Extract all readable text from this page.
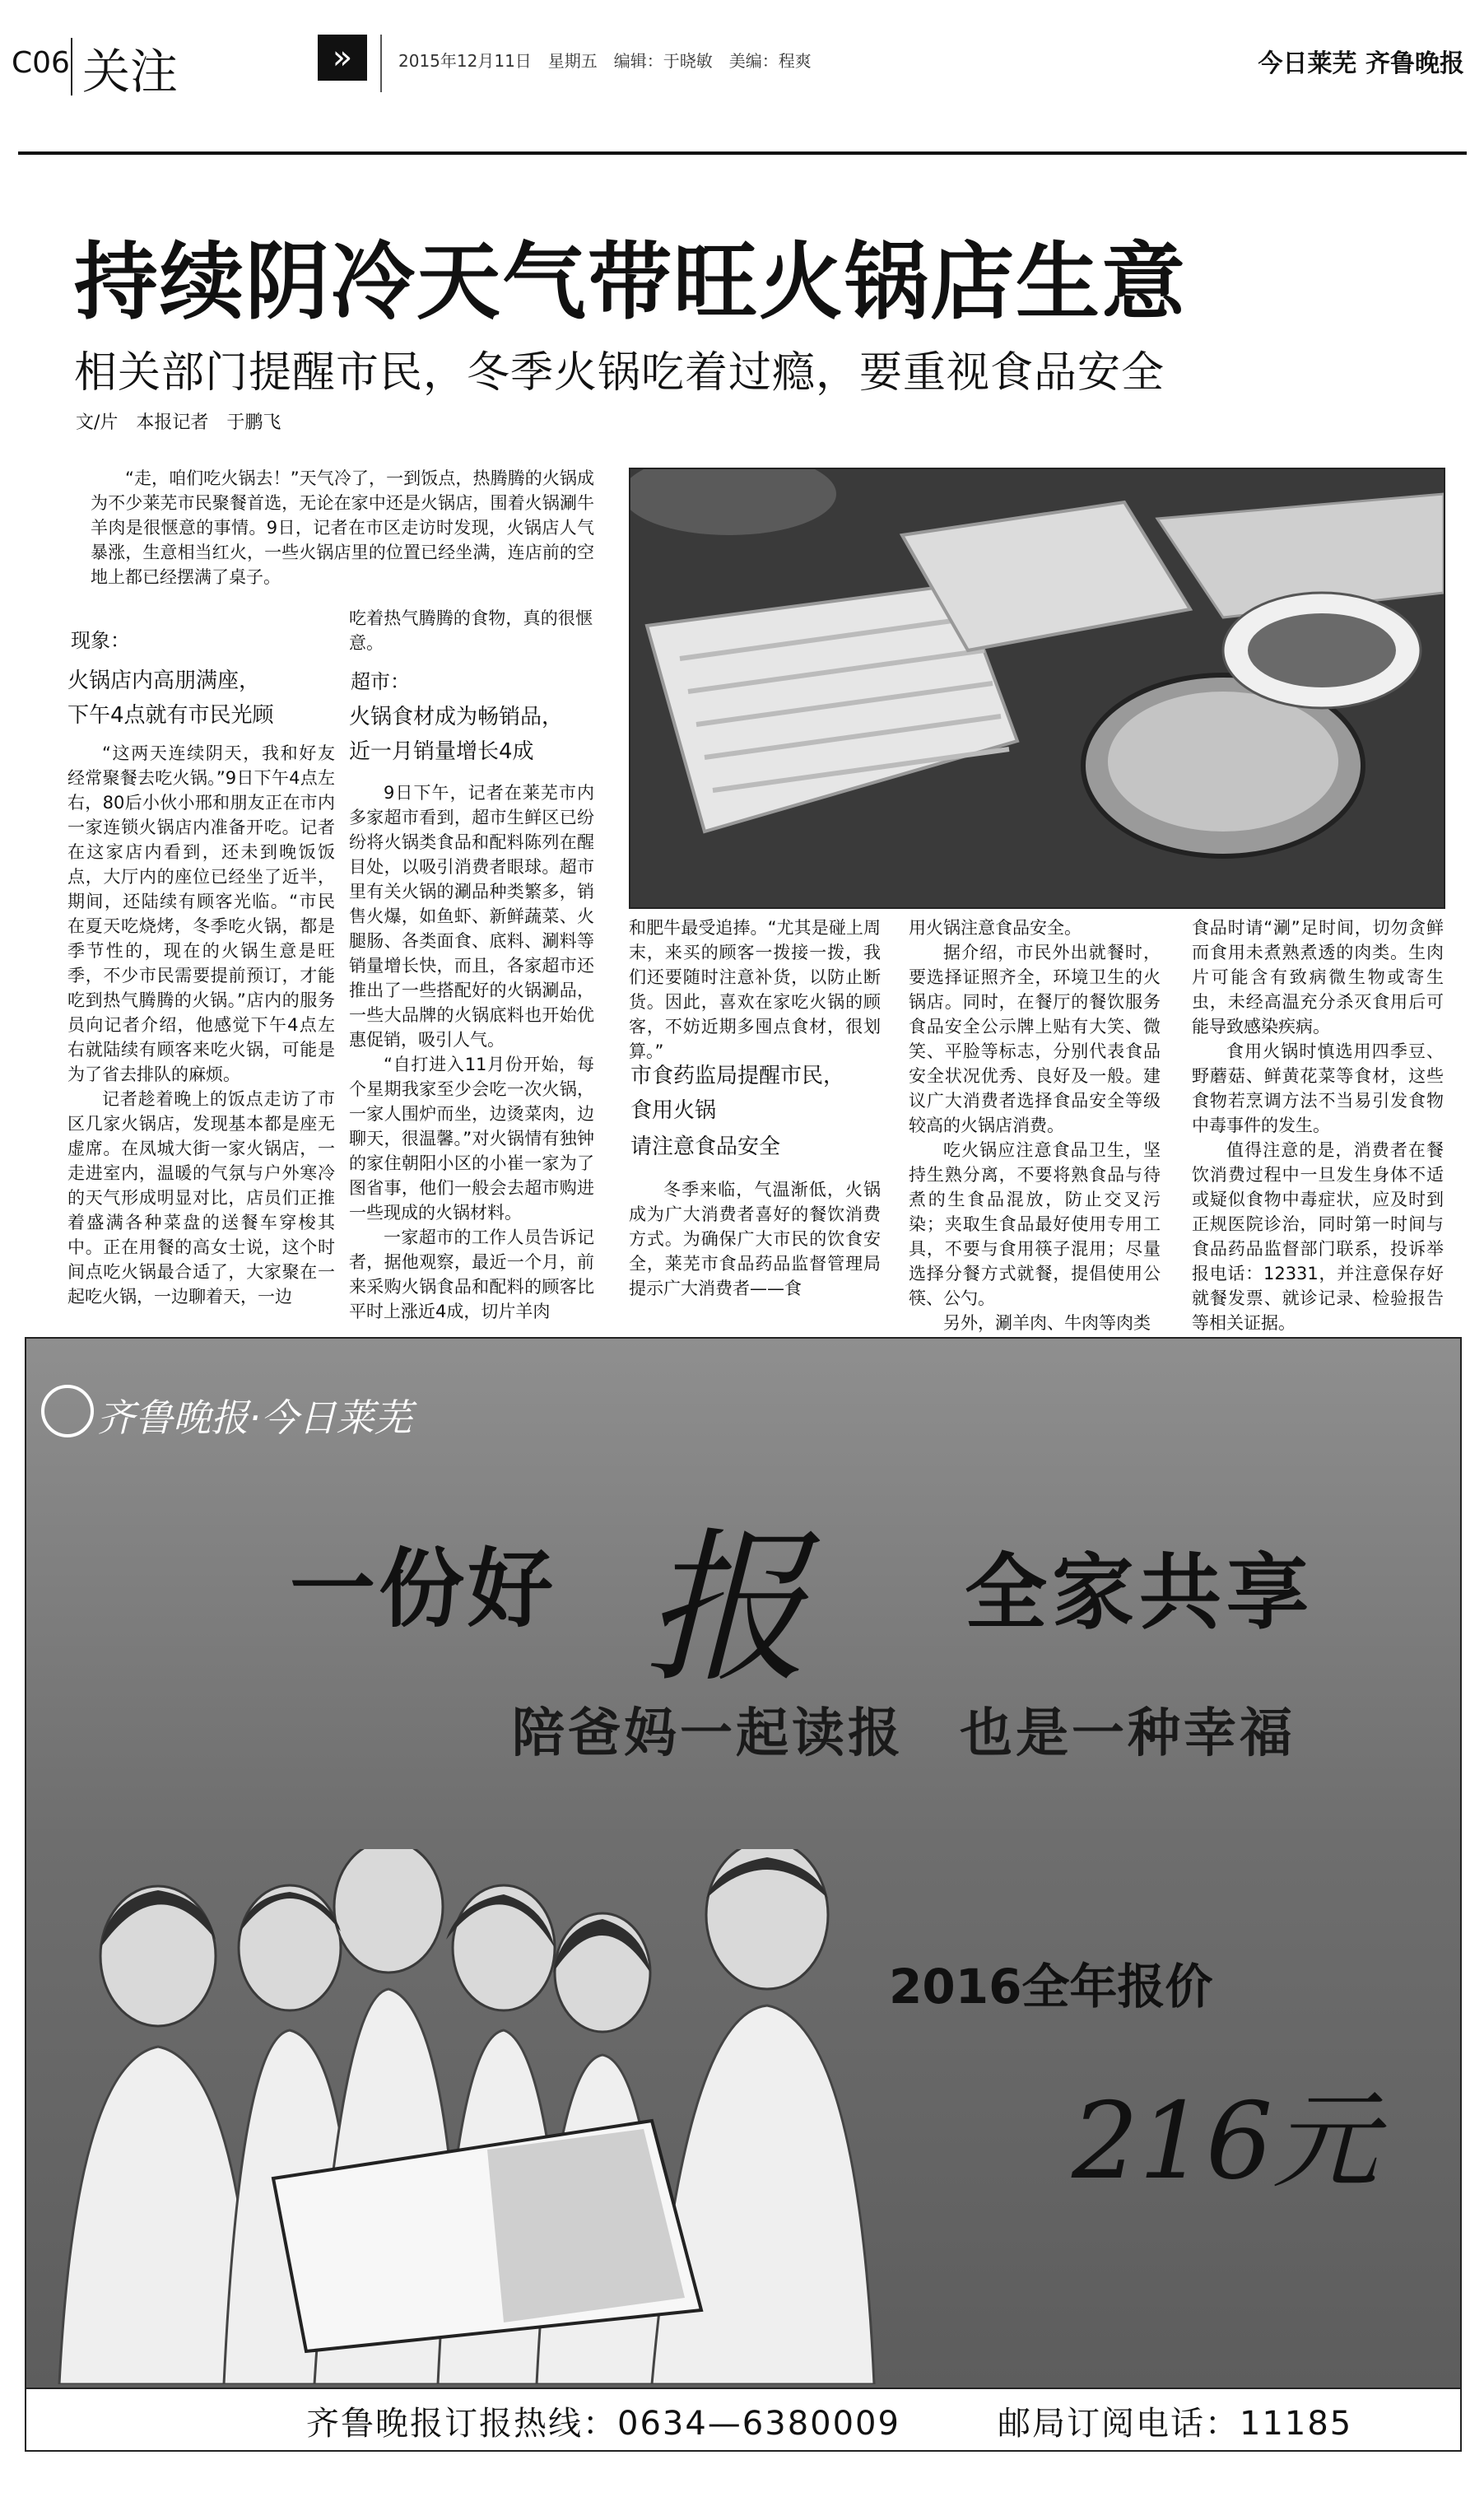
C06 关注	»	2015年12月11日　星期五　编辑：于晓敏　美编：程爽	今日莱芜 齐鲁晚报
持续阴冷天气带旺火锅店生意
相关部门提醒市民，冬季火锅吃着过瘾，要重视食品安全
文/片　本报记者　于鹏飞
“走，咱们吃火锅去！”天气冷了，一到饭点，热腾腾的火锅成为不少莱芜市民聚餐首选，无论在家中还是火锅店，围着火锅涮牛羊肉是很惬意的事情。9日，记者在市区走访时发现，火锅店人气暴涨，生意相当红火，一些火锅店里的位置已经坐满，连店前的空地上都已经摆满了桌子。
现象：
火锅店内高朋满座，
下午4点就有市民光顾

“这两天连续阴天，我和好友经常聚餐去吃火锅。”9日下午4点左右，80后小伙小邢和朋友正在市内一家连锁火锅店内准备开吃。记者在这家店内看到，还未到晚饭饭点，大厅内的座位已经坐了近半，期间，还陆续有顾客光临。“市民在夏天吃烧烤，冬季吃火锅，都是季节性的，现在的火锅生意是旺季，不少市民需要提前预订，才能吃到热气腾腾的火锅。”店内的服务员向记者介绍，他感觉下午4点左右就陆续有顾客来吃火锅，可能是为了省去排队的麻烦。

记者趁着晚上的饭点走访了市区几家火锅店，发现基本都是座无虚席。在凤城大街一家火锅店，一走进室内，温暖的气氛与户外寒冷的天气形成明显对比，店员们正推着盛满各种菜盘的送餐车穿梭其中。正在用餐的高女士说，这个时间点吃火锅最合适了，大家聚在一起吃火锅，一边聊着天，一边

吃着热气腾腾的食物，真的很惬意。
超市：
火锅食材成为畅销品，
近一月销量增长4成

9日下午，记者在莱芜市内多家超市看到，超市生鲜区已纷纷将火锅类食品和配料陈列在醒目处，以吸引消费者眼球。超市里有关火锅的涮品种类繁多，销售火爆，如鱼虾、新鲜蔬菜、火腿肠、各类面食、底料、涮料等销量增长快，而且，各家超市还推出了一些搭配好的火锅涮品，一些大品牌的火锅底料也开始优惠促销，吸引人气。

“自打进入11月份开始，每个星期我家至少会吃一次火锅，一家人围炉而坐，边烫菜肉，边聊天，很温馨。”对火锅情有独钟的家住朝阳小区的小崔一家为了图省事，他们一般会去超市购进一些现成的火锅材料。

一家超市的工作人员告诉记者，据他观察，最近一个月，前来采购火锅食品和配料的顾客比平时上涨近4成，切片羊肉

和肥牛最受追捧。“尤其是碰上周末，来买的顾客一拨接一拨，我们还要随时注意补货，以防止断货。因此，喜欢在家吃火锅的顾客，不妨近期多囤点食材，很划算。”
市食药监局提醒市民，
食用火锅
请注意食品安全

冬季来临，气温渐低，火锅成为广大消费者喜好的餐饮消费方式。为确保广大市民的饮食安全，莱芜市食品药品监督管理局提示广大消费者——食

用火锅注意食品安全。

据介绍，市民外出就餐时，要选择证照齐全，环境卫生的火锅店。同时，在餐厅的餐饮服务食品安全公示牌上贴有大笑、微笑、平脸等标志，分别代表食品安全状况优秀、良好及一般。建议广大消费者选择食品安全等级较高的火锅店消费。

吃火锅应注意食品卫生，坚持生熟分离，不要将熟食品与待煮的生食品混放，防止交叉污染；夹取生食品最好使用专用工具，不要与食用筷子混用；尽量选择分餐方式就餐，提倡使用公筷、公勺。

另外，涮羊肉、牛肉等肉类

食品时请“涮”足时间，切勿贪鲜而食用未煮熟煮透的肉类。生肉片可能含有致病微生物或寄生虫，未经高温充分杀灭食用后可能导致感染疾病。

食用火锅时慎选用四季豆、野蘑菇、鲜黄花菜等食材，这些食物若烹调方法不当易引发食物中毒事件的发生。

值得注意的是，消费者在餐饮消费过程中一旦发生身体不适或疑似食物中毒症状，应及时到正规医院诊治，同时第一时间与食品药品监督部门联系，投诉举报电话：12331，并注意保存好就餐发票、就诊记录、检验报告等相关证据。

齐鲁晚报·今日莱芜
一份好 报 全家共享
陪爸妈一起读报　也是一种幸福
2016全年报价
216元
齐鲁晚报订报热线：0634—6380009	邮局订阅电话：11185
